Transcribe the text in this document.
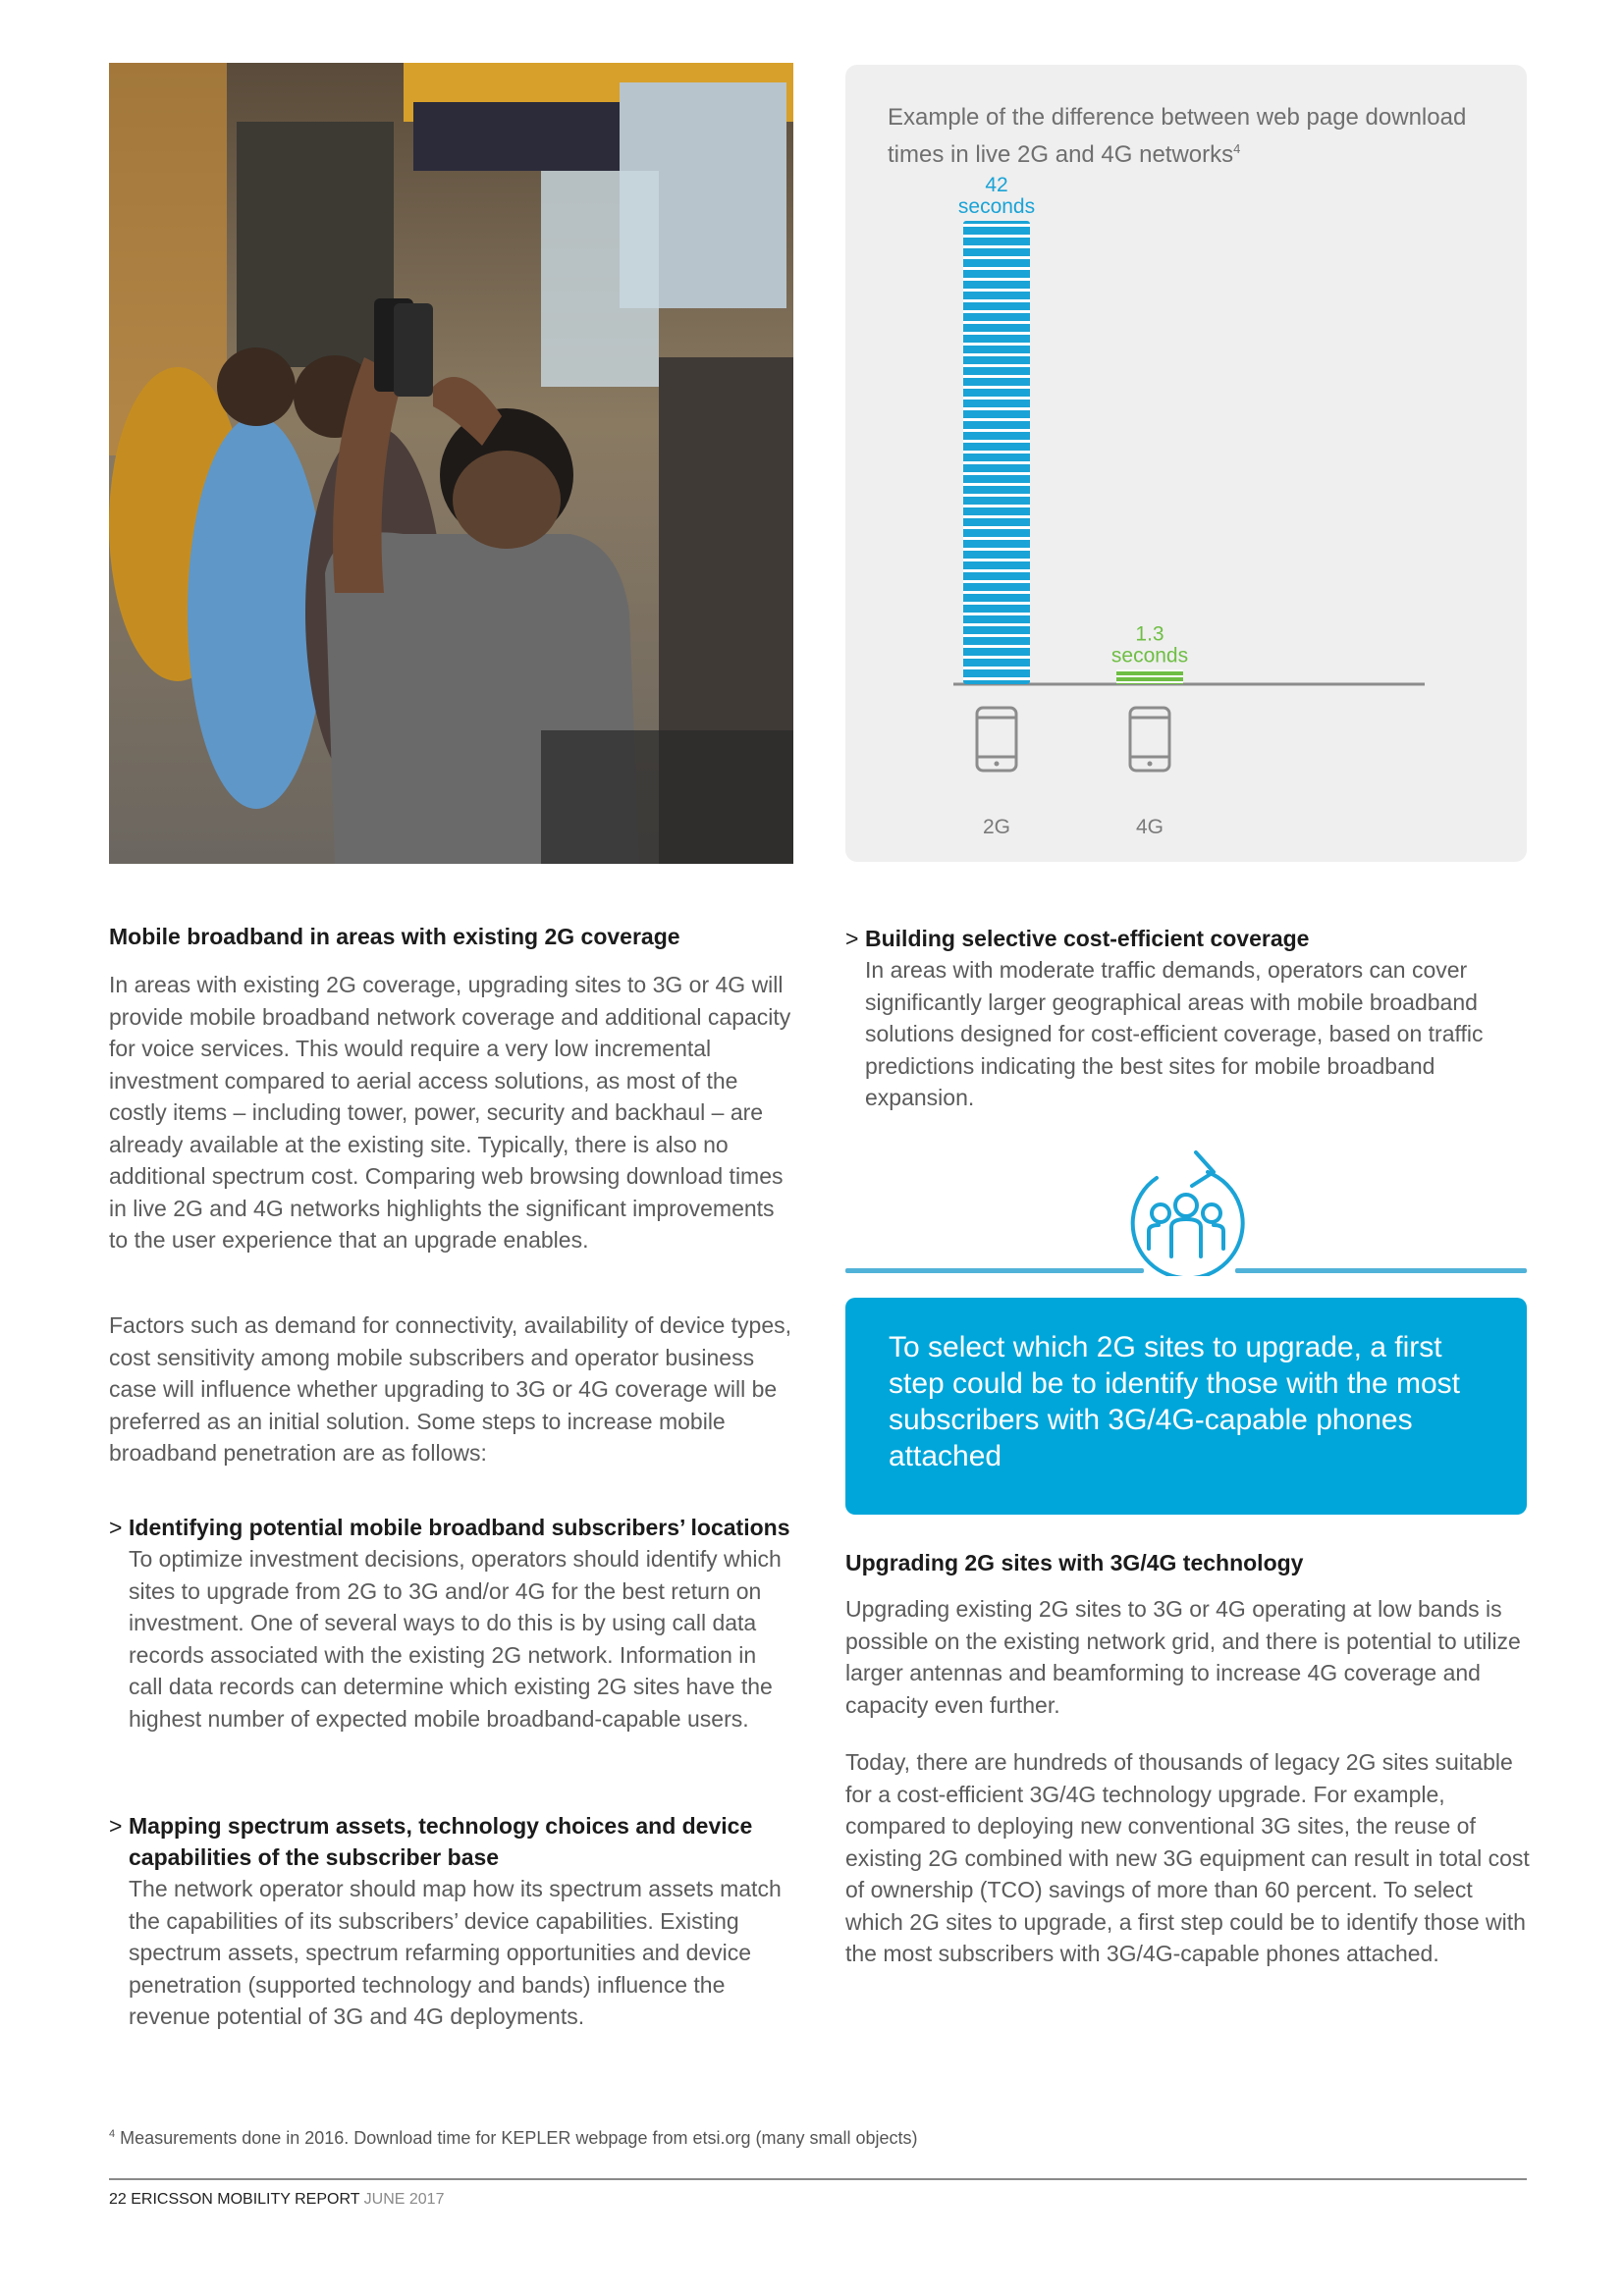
Example of the difference between web page download times in live 2G and 4G networks$^4$
42
seconds
1.3
seconds
2G	4G
Mobile broadband in areas with existing 2G coverage

In areas with existing 2G coverage, upgrading sites to 3G or 4G will provide mobile broadband network coverage and additional capacity for voice services. This would require a very low incremental investment compared to aerial access solutions, as most of the costly items – including tower, power, security and backhaul – are already available at the existing site. Typically, there is also no additional spectrum cost. Comparing web browsing download times in live 2G and 4G networks highlights the significant improvements to the user experience that an upgrade enables.

Factors such as demand for connectivity, availability of device types, cost sensitivity among mobile subscribers and operator business case will influence whether upgrading to 3G or 4G coverage will be preferred as an initial solution. Some steps to increase mobile broadband penetration are as follows:

> Identifying potential mobile broadband subscribers’ locations

To optimize investment decisions, operators should identify which sites to upgrade from 2G to 3G and/or 4G for the best return on investment. One of several ways to do this is by using call data records associated with the existing 2G network. Information in call data records can determine which existing 2G sites have the highest number of expected mobile broadband-capable users.

> Mapping spectrum assets, technology choices and device capabilities of the subscriber base

The network operator should map how its spectrum assets match the capabilities of its subscribers’ device capabilities. Existing spectrum assets, spectrum refarming opportunities and device penetration (supported technology and bands) influence the revenue potential of 3G and 4G deployments.

> Building selective cost-efficient coverage

In areas with moderate traffic demands, operators can cover significantly larger geographical areas with mobile broadband solutions designed for cost-efficient coverage, based on traffic predictions indicating the best sites for mobile broadband expansion.

To select which 2G sites to upgrade, a first step could be to identify those with the most subscribers with 3G/4G-capable phones attached

Upgrading 2G sites with 3G/4G technology

Upgrading existing 2G sites to 3G or 4G operating at low bands is possible on the existing network grid, and there is potential to utilize larger antennas and beamforming to increase 4G coverage and capacity even further.

Today, there are hundreds of thousands of legacy 2G sites suitable for a cost-efficient 3G/4G technology upgrade. For example, compared to deploying new conventional 3G sites, the reuse of existing 2G combined with new 3G equipment can result in total cost of ownership (TCO) savings of more than 60 percent. To select which 2G sites to upgrade, a first step could be to identify those with the most subscribers with 3G/4G-capable phones attached.

$^4$ Measurements done in 2016. Download time for KEPLER webpage from etsi.org (many small objects)
22 ERICSSON MOBILITY REPORT JUNE 2017
